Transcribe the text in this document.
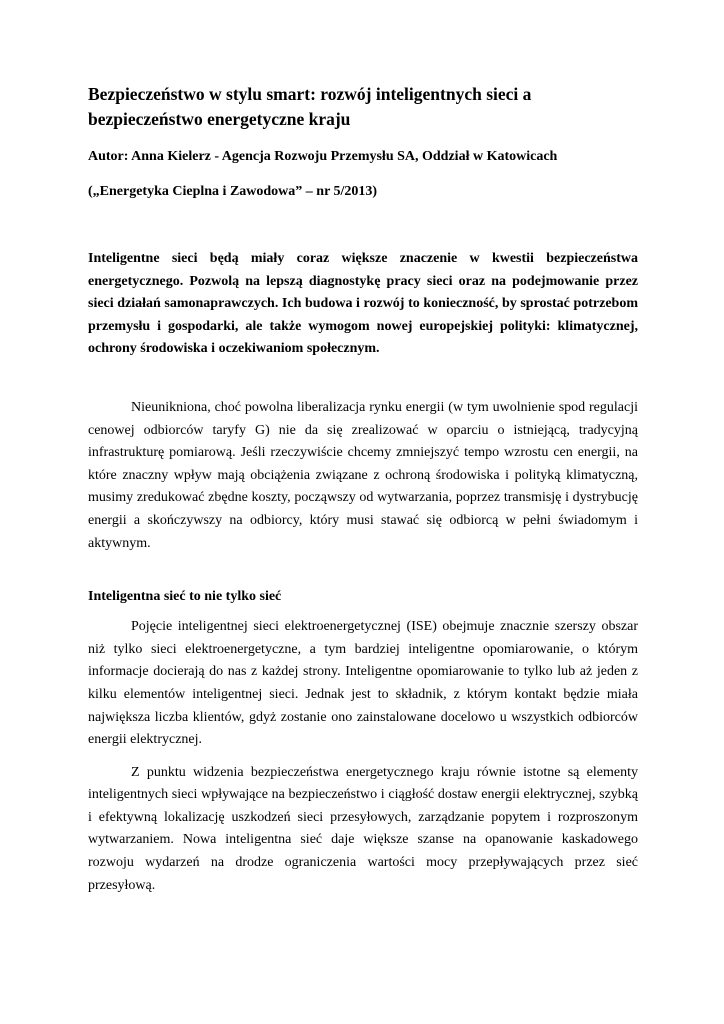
Bezpieczeństwo w stylu smart: rozwój inteligentnych sieci a bezpieczeństwo energetyczne kraju

Autor: Anna Kielerz - Agencja Rozwoju Przemysłu SA, Oddział w Katowicach

(„Energetyka Cieplna i Zawodowa” – nr 5/2013)

Inteligentne sieci będą miały coraz większe znaczenie w kwestii bezpieczeństwa energetycznego. Pozwolą na lepszą diagnostykę pracy sieci oraz na podejmowanie przez sieci działań samonaprawczych. Ich budowa i rozwój to konieczność, by sprostać potrzebom przemysłu i gospodarki, ale także wymogom nowej europejskiej polityki: klimatycznej, ochrony środowiska i oczekiwaniom społecznym.

Nieunikniona, choć powolna liberalizacja rynku energii (w tym uwolnienie spod regulacji cenowej odbiorców taryfy G) nie da się zrealizować w oparciu o istniejącą, tradycyjną infrastrukturę pomiarową. Jeśli rzeczywiście chcemy zmniejszyć tempo wzrostu cen energii, na które znaczny wpływ mają obciążenia związane z ochroną środowiska i polityką klimatyczną, musimy zredukować zbędne koszty, począwszy od wytwarzania, poprzez transmisję i dystrybucję energii a skończywszy na odbiorcy, który musi stawać się odbiorcą w pełni świadomym i aktywnym.

Inteligentna sieć to nie tylko sieć

Pojęcie inteligentnej sieci elektroenergetycznej (ISE) obejmuje znacznie szerszy obszar niż tylko sieci elektroenergetyczne, a tym bardziej inteligentne opomiarowanie, o którym informacje docierają do nas z każdej strony. Inteligentne opomiarowanie to tylko lub aż jeden z kilku elementów inteligentnej sieci. Jednak jest to składnik, z którym kontakt będzie miała największa liczba klientów, gdyż zostanie ono zainstalowane docelowo u wszystkich odbiorców energii elektrycznej.

Z punktu widzenia bezpieczeństwa energetycznego kraju równie istotne są elementy inteligentnych sieci wpływające na bezpieczeństwo i ciągłość dostaw energii elektrycznej, szybką i efektywną lokalizację uszkodzeń sieci przesyłowych, zarządzanie popytem i rozproszonym wytwarzaniem. Nowa inteligentna sieć daje większe szanse na opanowanie kaskadowego rozwoju wydarzeń na drodze ograniczenia wartości mocy przepływających przez sieć przesyłową.
